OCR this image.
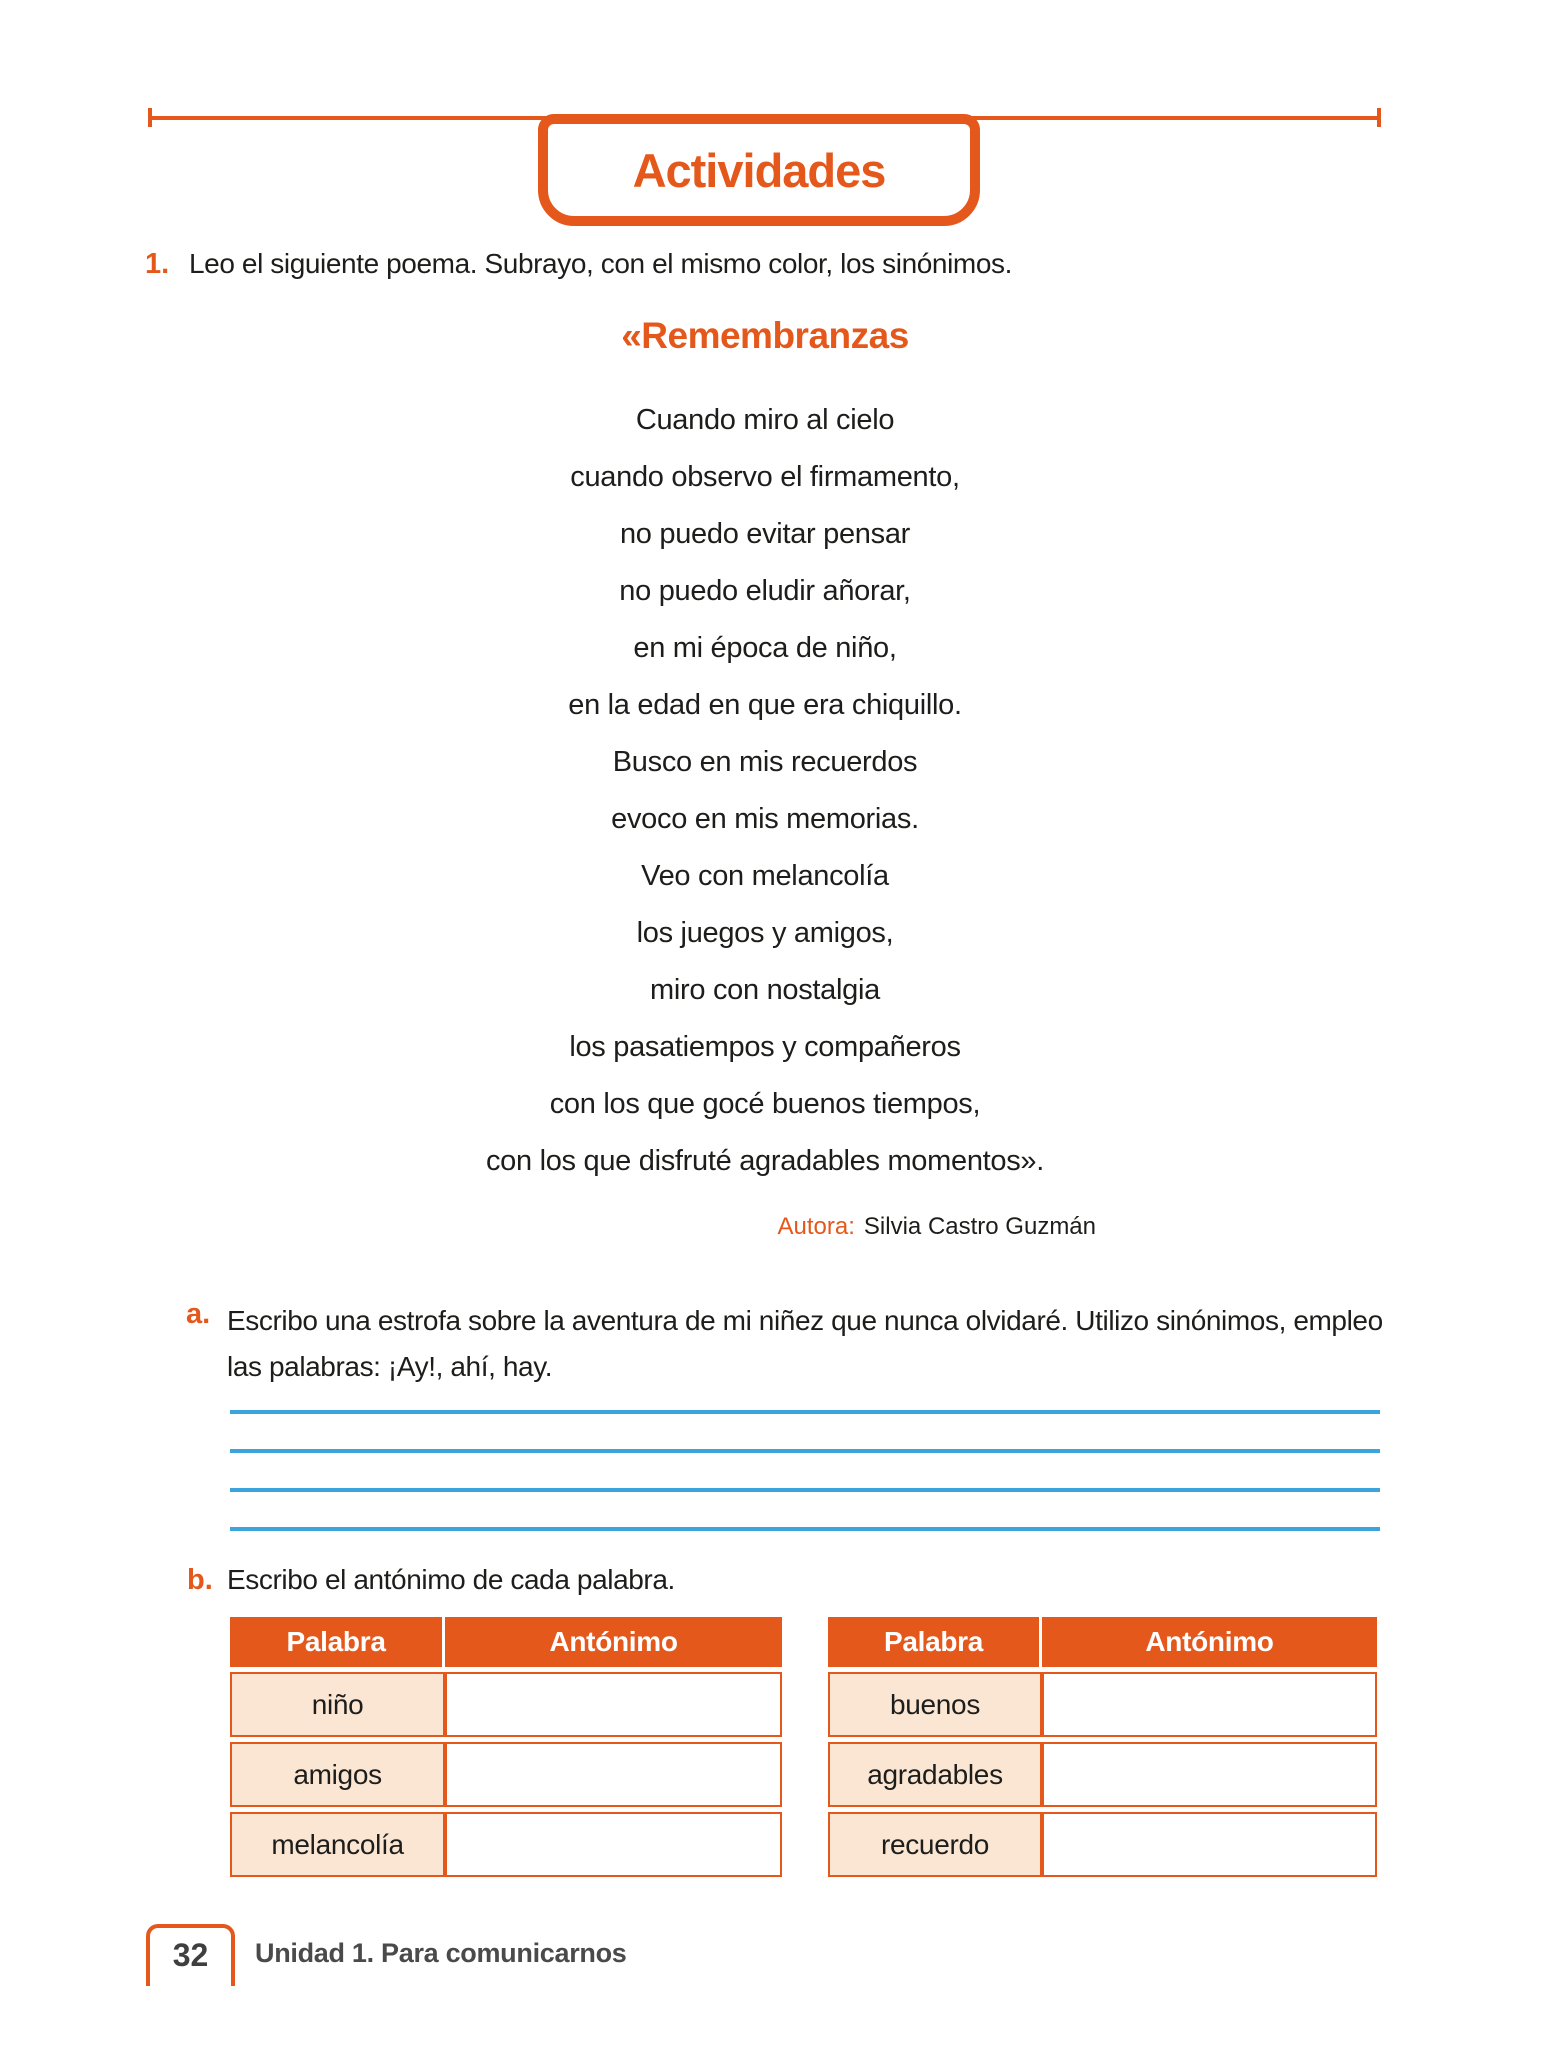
Actividades
1. Leo el siguiente poema. Subrayo, con el mismo color, los sinónimos.
«Remembranzas
Cuando miro al cielo
cuando observo el firmamento,
no puedo evitar pensar
no puedo eludir añorar,
en mi época de niño,
en la edad en que era chiquillo.
Busco en mis recuerdos
evoco en mis memorias.
Veo con melancolía
los juegos y amigos,
miro con nostalgia
los pasatiempos y compañeros
con los que gocé buenos tiempos,
con los que disfruté agradables momentos».
Autora: Silvia Castro Guzmán
a. Escribo una estrofa sobre la aventura de mi niñez que nunca olvidaré. Utilizo sinónimos, empleo
las palabras: ¡Ay!, ahí, hay.
b. Escribo el antónimo de cada palabra.
Palabra	Antónimo
niño	
amigos	
melancolía	
Palabra	Antónimo
buenos	
agradables	
recuerdo	
32 Unidad 1. Para comunicarnos
